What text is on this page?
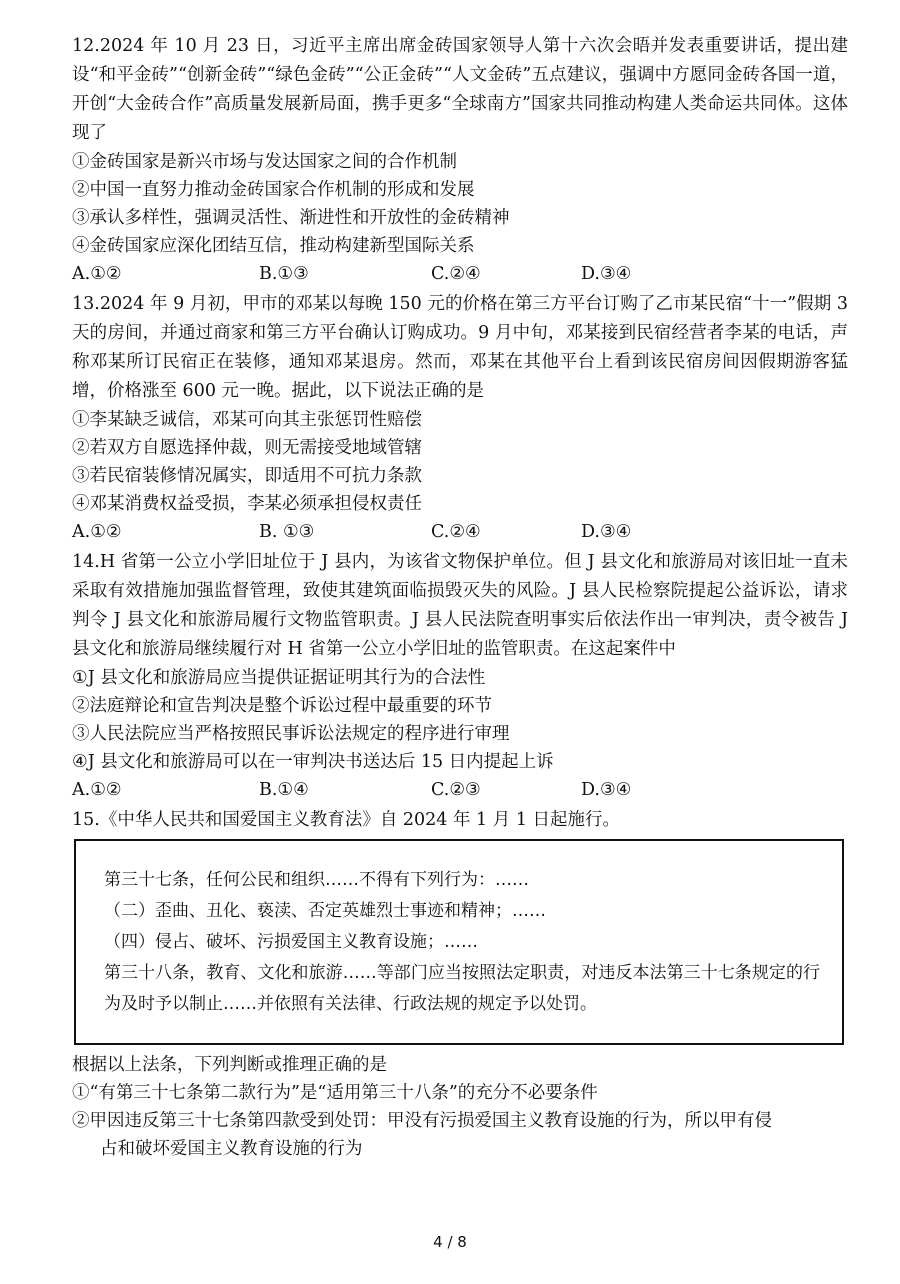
12.2024 年 10 月 23 日，习近平主席出席金砖国家领导人第十六次会晤并发表重要讲话，提出建设“和平金砖”“创新金砖”“绿色金砖”“公正金砖”“人文金砖”五点建议，强调中方愿同金砖各国一道，开创“大金砖合作”高质量发展新局面，携手更多“全球南方”国家共同推动构建人类命运共同体。这体现了

①金砖国家是新兴市场与发达国家之间的合作机制

②中国一直努力推动金砖国家合作机制的形成和发展

③承认多样性，强调灵活性、渐进性和开放性的金砖精神

④金砖国家应深化团结互信，推动构建新型国际关系

A.①②	B.①③	C.②④	D.③④

13.2024 年 9 月初，甲市的邓某以每晚 150 元的价格在第三方平台订购了乙市某民宿“十一”假期 3 天的房间，并通过商家和第三方平台确认订购成功。9 月中旬，邓某接到民宿经营者李某的电话，声称邓某所订民宿正在装修，通知邓某退房。然而，邓某在其他平台上看到该民宿房间因假期游客猛增，价格涨至 600 元一晚。据此，以下说法正确的是

①李某缺乏诚信，邓某可向其主张惩罚性赔偿

②若双方自愿选择仲裁，则无需接受地域管辖

③若民宿装修情况属实，即适用不可抗力条款

④邓某消费权益受损，李某必须承担侵权责任

A.①②	B. ①③	C.②④	D.③④

14.H 省第一公立小学旧址位于 J 县内，为该省文物保护单位。但 J 县文化和旅游局对该旧址一直未采取有效措施加强监督管理，致使其建筑面临损毁灭失的风险。J 县人民检察院提起公益诉讼，请求判令 J 县文化和旅游局履行文物监管职责。J 县人民法院查明事实后依法作出一审判决，责令被告 J 县文化和旅游局继续履行对 H 省第一公立小学旧址的监管职责。在这起案件中

①J 县文化和旅游局应当提供证据证明其行为的合法性

②法庭辩论和宣告判决是整个诉讼过程中最重要的环节

③人民法院应当严格按照民事诉讼法规定的程序进行审理

④J 县文化和旅游局可以在一审判决书送达后 15 日内提起上诉

A.①②	B.①④	C.②③	D.③④

15.《中华人民共和国爱国主义教育法》自 2024 年 1 月 1 日起施行。

第三十七条，任何公民和组织……不得有下列行为：……

（二）歪曲、丑化、亵渎、否定英雄烈士事迹和精神；……

（四）侵占、破坏、污损爱国主义教育设施；……

第三十八条，教育、文化和旅游……等部门应当按照法定职责，对违反本法第三十七条规定的行为及时予以制止……并依照有关法律、行政法规的规定予以处罚。

根据以上法条，下列判断或推理正确的是

①“有第三十七条第二款行为”是“适用第三十八条”的充分不必要条件

②甲因违反第三十七条第四款受到处罚：甲没有污损爱国主义教育设施的行为，所以甲有侵

占和破坏爱国主义教育设施的行为

4 / 8
